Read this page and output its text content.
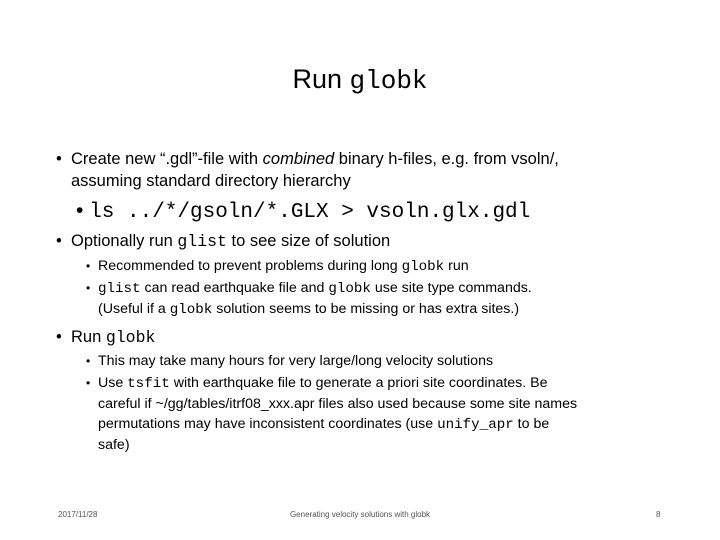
Run globk
• Create new “.gdl”-file with combined binary h-files, e.g. from vsoln/,
assuming standard directory hierarchy
• ls ../*/gsoln/*.GLX > vsoln.glx.gdl
• Optionally run glist to see size of solution
• Recommended to prevent problems during long globk run
• glist can read earthquake file and globk use site type commands.
(Useful if a globk solution seems to be missing or has extra sites.)
• Run globk
• This may take many hours for very large/long velocity solutions
• Use tsfit with earthquake file to generate a priori site coordinates. Be
careful if ~/gg/tables/itrf08_xxx.apr files also used because some site names
permutations may have inconsistent coordinates (use unify_apr to be
safe)
2017/11/28	Generating velocity solutions with globk	8
